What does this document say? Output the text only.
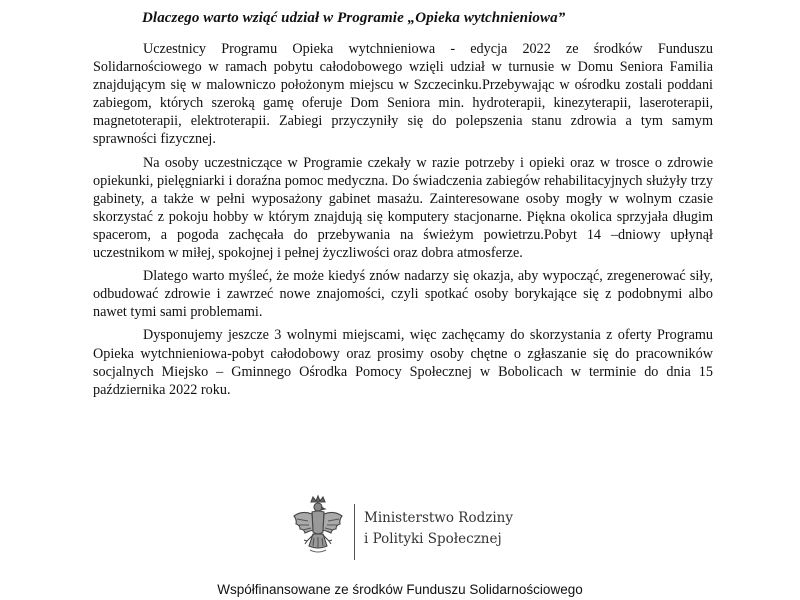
Dlaczego warto wziąć udział w Programie „Opieka wytchnieniowa”

Uczestnicy Programu Opieka wytchnieniowa - edycja 2022 ze środków Funduszu Solidarnościowego w ramach pobytu całodobowego wzięli udział w turnusie w Domu Seniora Familia znajdującym się w malowniczo położonym miejscu w Szczecinku.Przebywając w ośrodku zostali poddani zabiegom, których szeroką gamę oferuje Dom Seniora min. hydroterapii, kinezyterapii, laseroterapii, magnetoterapii, elektroterapii. Zabiegi przyczyniły się do polepszenia stanu zdrowia a tym samym sprawności fizycznej.

Na osoby uczestniczące w Programie czekały w razie potrzeby i opieki oraz w trosce o zdrowie opiekunki, pielęgniarki i doraźna pomoc medyczna. Do świadczenia zabiegów rehabilitacyjnych służyły trzy gabinety, a także w pełni wyposażony gabinet masażu. Zainteresowane osoby mogły w wolnym czasie skorzystać z pokoju hobby w którym znajdują się komputery stacjonarne. Piękna okolica sprzyjała długim spacerom, a pogoda zachęcała do przebywania na świeżym powietrzu.Pobyt 14 –dniowy upłynął uczestnikom w miłej, spokojnej i pełnej życzliwości oraz dobra atmosferze.

Dlatego warto myśleć, że może kiedyś znów nadarzy się okazja, aby wypocząć, zregenerować siły, odbudować zdrowie i zawrzeć nowe znajomości, czyli spotkać osoby borykające się z podobnymi albo nawet tymi sami problemami.

Dysponujemy jeszcze 3 wolnymi miejscami, więc zachęcamy do skorzystania z oferty Programu Opieka wytchnieniowa-pobyt całodobowy oraz prosimy osoby chętne o zgłaszanie się do pracowników socjalnych Miejsko – Gminnego Ośrodka Pomocy Społecznej w Bobolicach w terminie do dnia 15 października 2022 roku.

Ministerstwo Rodziny
i Polityki Społecznej
Współfinansowane ze środków Funduszu Solidarnościowego
